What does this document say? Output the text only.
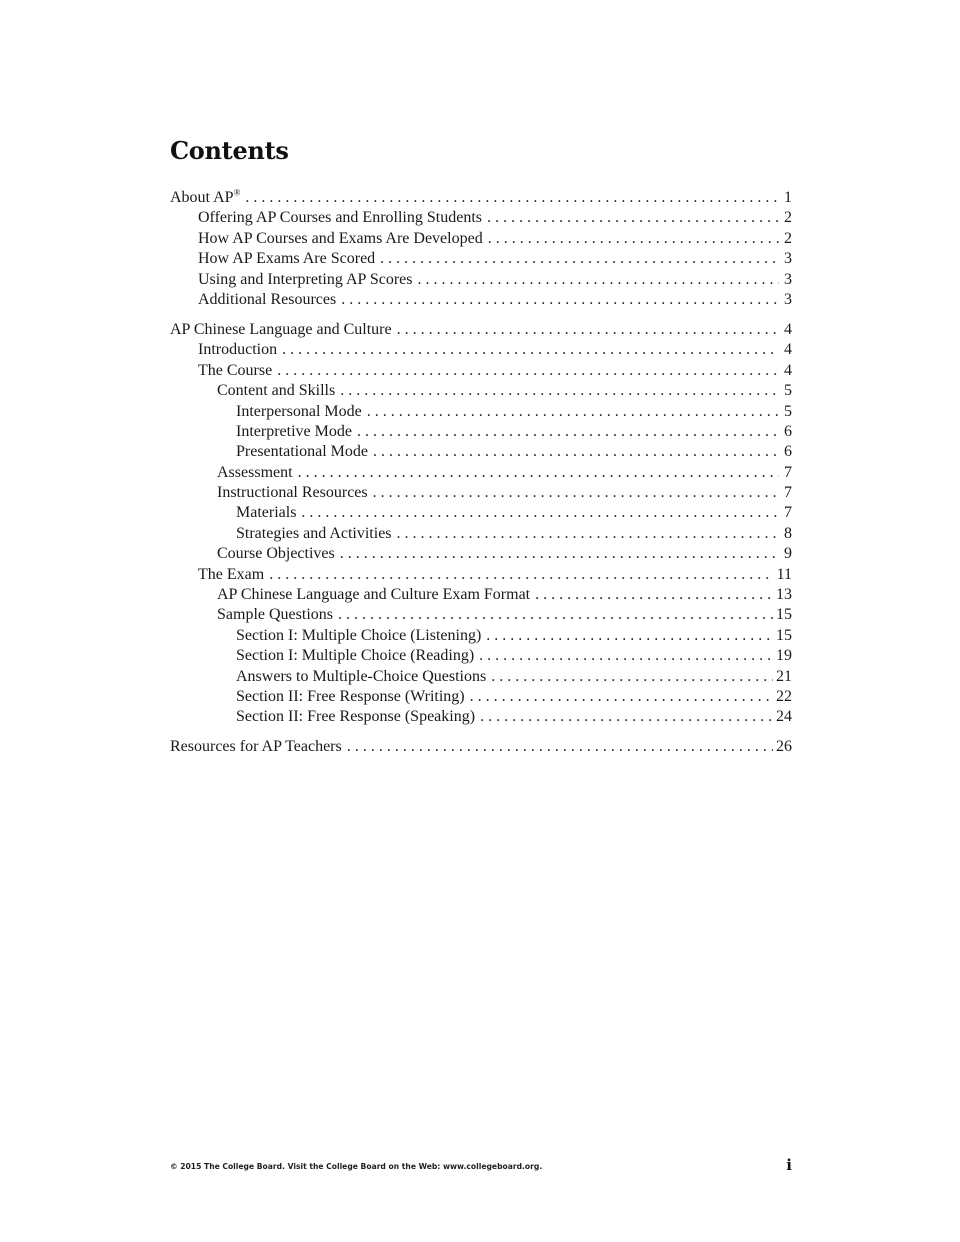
Contents
About AP® . . .	1
Offering AP Courses and Enrolling Students . . .	2
How AP Courses and Exams Are Developed . . .	2
How AP Exams Are Scored . . .	3
Using and Interpreting AP Scores . . .	3
Additional Resources . . .	3
AP Chinese Language and Culture . . .	4
Introduction . . .	4
The Course . . .	4
Content and Skills . . .	5
Interpersonal Mode . . .	5
Interpretive Mode . . .	6
Presentational Mode . . .	6
Assessment . . .	7
Instructional Resources . . .	7
Materials . . .	7
Strategies and Activities . . .	8
Course Objectives . . .	9
The Exam . . .	11
AP Chinese Language and Culture Exam Format . . .	13
Sample Questions . . .	15
Section I: Multiple Choice (Listening) . . .	15
Section I: Multiple Choice (Reading) . . .	19
Answers to Multiple-Choice Questions . . .	21
Section II: Free Response (Writing) . . .	22
Section II: Free Response (Speaking) . . .	24
Resources for AP Teachers . . .	26
© 2015 The College Board. Visit the College Board on the Web: www.collegeboard.org.	i
